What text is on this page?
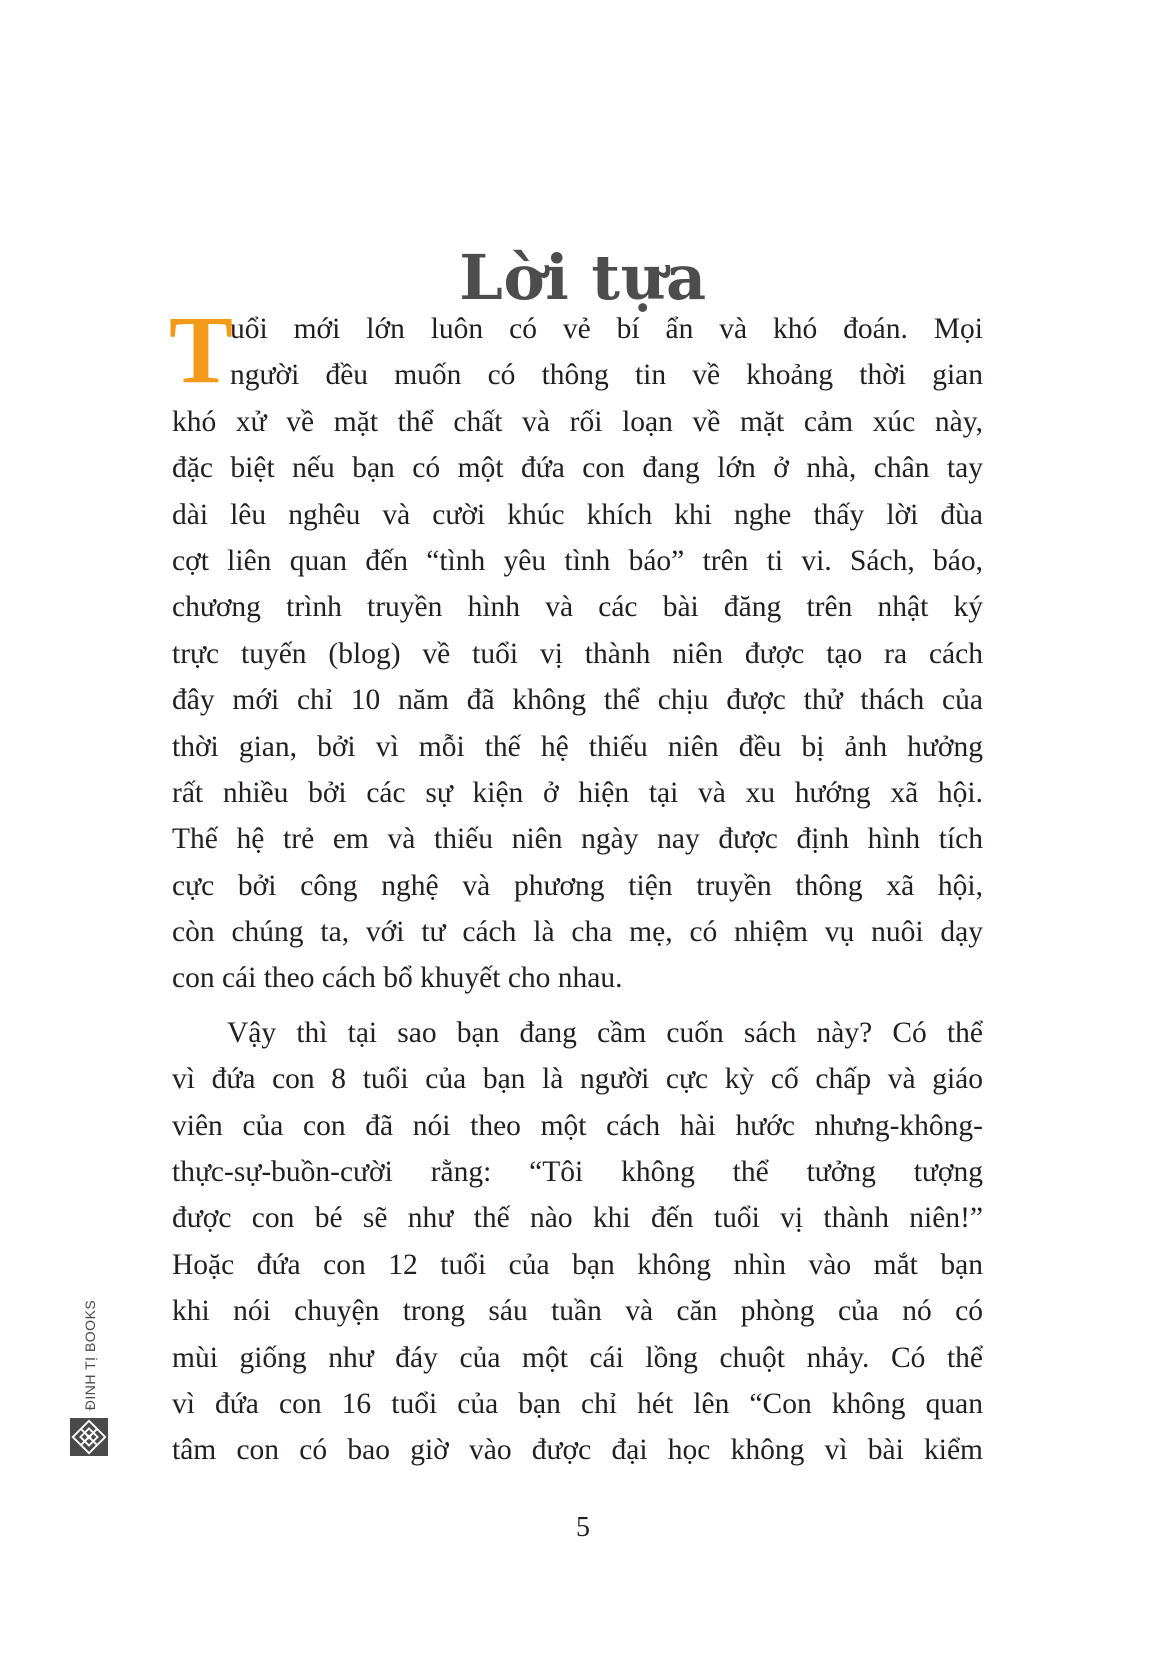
Lời tựa
T
uổi mới lớn luôn có vẻ bí ẩn và khó đoán. Mọi
người đều muốn có thông tin về khoảng thời gian
khó xử về mặt thể chất và rối loạn về mặt cảm xúc này,
đặc biệt nếu bạn có một đứa con đang lớn ở nhà, chân tay
dài lêu nghêu và cười khúc khích khi nghe thấy lời đùa
cợt liên quan đến “tình yêu tình báo” trên ti vi. Sách, báo,
chương trình truyền hình và các bài đăng trên nhật ký
trực tuyến (blog) về tuổi vị thành niên được tạo ra cách
đây mới chỉ 10 năm đã không thể chịu được thử thách của
thời gian, bởi vì mỗi thế hệ thiếu niên đều bị ảnh hưởng
rất nhiều bởi các sự kiện ở hiện tại và xu hướng xã hội.
Thế hệ trẻ em và thiếu niên ngày nay được định hình tích
cực bởi công nghệ và phương tiện truyền thông xã hội,
còn chúng ta, với tư cách là cha mẹ, có nhiệm vụ nuôi dạy
con cái theo cách bổ khuyết cho nhau.
Vậy thì tại sao bạn đang cầm cuốn sách này? Có thể
vì đứa con 8 tuổi của bạn là người cực kỳ cố chấp và giáo
viên của con đã nói theo một cách hài hước nhưng-không-
thực-sự-buồn-cười rằng: “Tôi không thể tưởng tượng
được con bé sẽ như thế nào khi đến tuổi vị thành niên!”
Hoặc đứa con 12 tuổi của bạn không nhìn vào mắt bạn
khi nói chuyện trong sáu tuần và căn phòng của nó có
mùi giống như đáy của một cái lồng chuột nhảy. Có thể
vì đứa con 16 tuổi của bạn chỉ hét lên “Con không quan
tâm con có bao giờ vào được đại học không vì bài kiểm
ĐINH TỊ BOOKS
5
